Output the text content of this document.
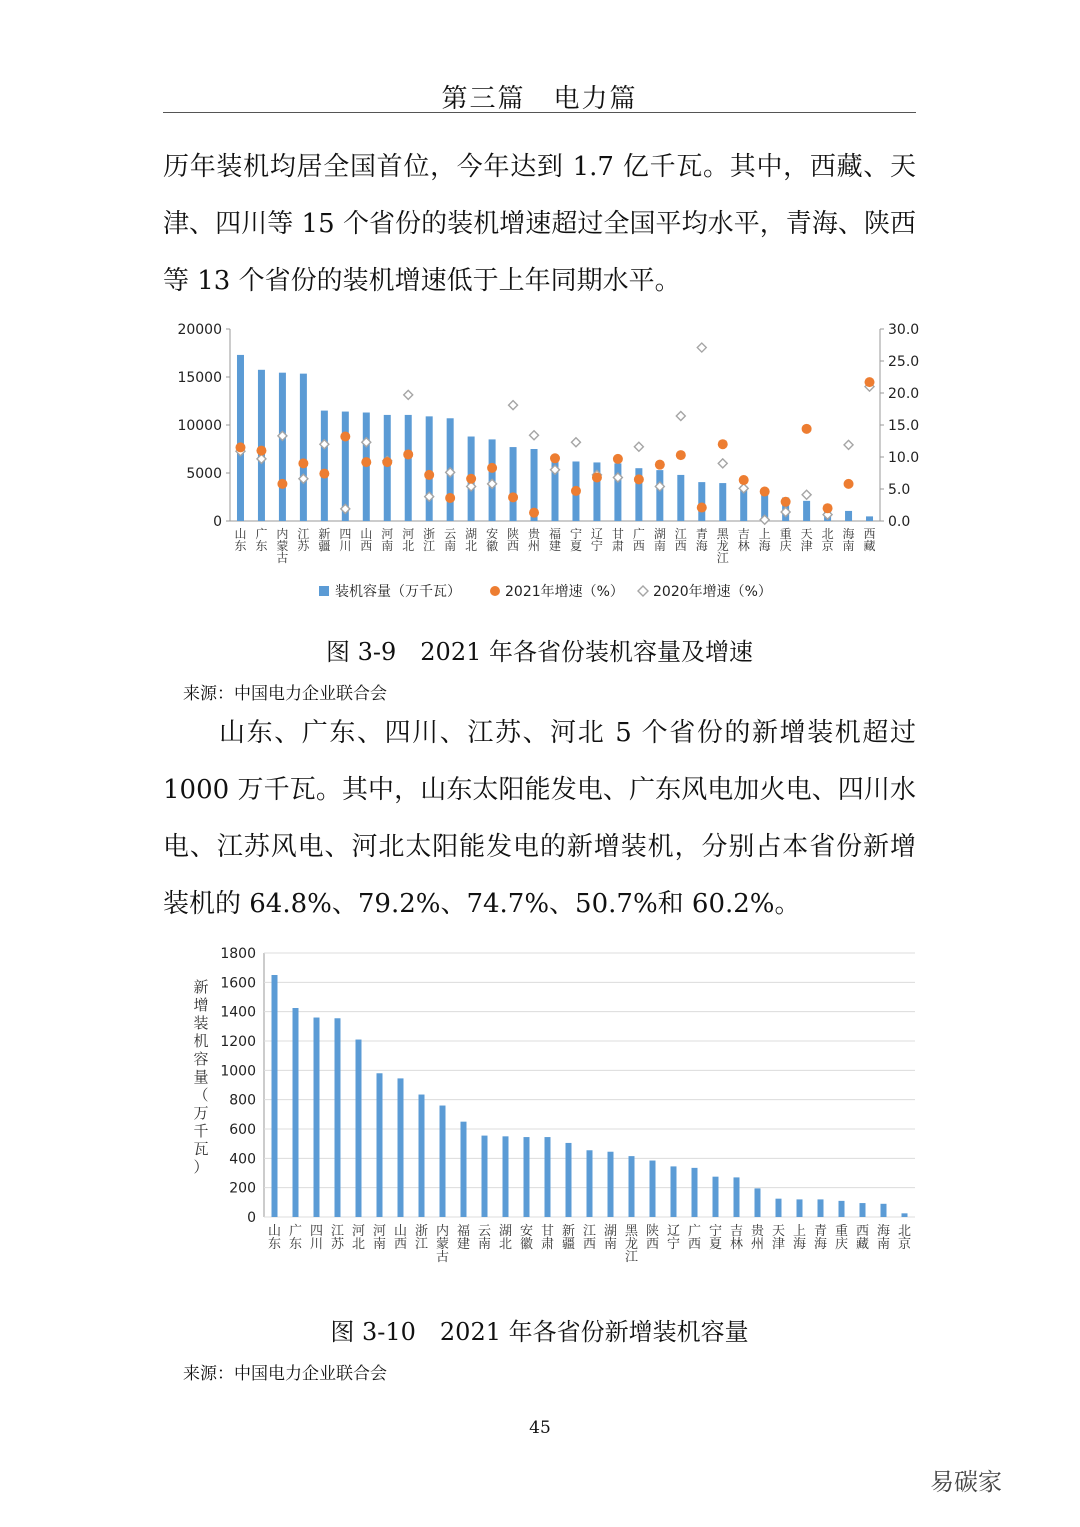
第三篇　电力篇

历年装机均居全国首位，今年达到 1.7 亿千瓦。其中，西藏、天津、四川等 15 个省份的装机增速超过全国平均水平，青海、陕西等 13 个省份的装机增速低于上年同期水平。

0
5000
10000
15000
20000
0.0
5.0
10.0
15.0
20.0
25.0
30.0
山
东
广
东
内
蒙
古
江
苏
新
疆
四
川
山
西
河
南
河
北
浙
江
云
南
湖
北
安
徽
陕
西
贵
州
福
建
宁
夏
辽
宁
甘
肃
广
西
湖
南
江
西
青
海
黑
龙
江
吉
林
上
海
重
庆
天
津
北
京
海
南
西
藏
装机容量（万千瓦）	2021年增速（%） 2020年增速（%）
图 3-9　2021 年各省份装机容量及增速
来源：中国电力企业联合会

山东、广东、四川、江苏、河北 5 个省份的新增装机超过 1000 万千瓦。其中，山东太阳能发电、广东风电加火电、四川水电、江苏风电、河北太阳能发电的新增装机，分别占本省份新增装机的 64.8%、79.2%、74.7%、50.7%和 60.2%。

0
200
400
600
800
1000
1200
1400
1600
1800
山
东
广
东
四
川
江
苏
河
北
河
南
山
西
浙
江
内
蒙
古
福
建
云
南
湖
北
安
徽
甘
肃
新
疆
江
西
湖
南
黑
龙
江
陕
西
辽
宁
广
西
宁
夏
吉
林
贵
州
天
津
上
海
青
海
重
庆
西
藏
海
南
北
京
新
增
装
机
容
量
（
万
千
瓦
）
图 3-10　2021 年各省份新增装机容量
来源：中国电力企业联合会
45
易碳家
